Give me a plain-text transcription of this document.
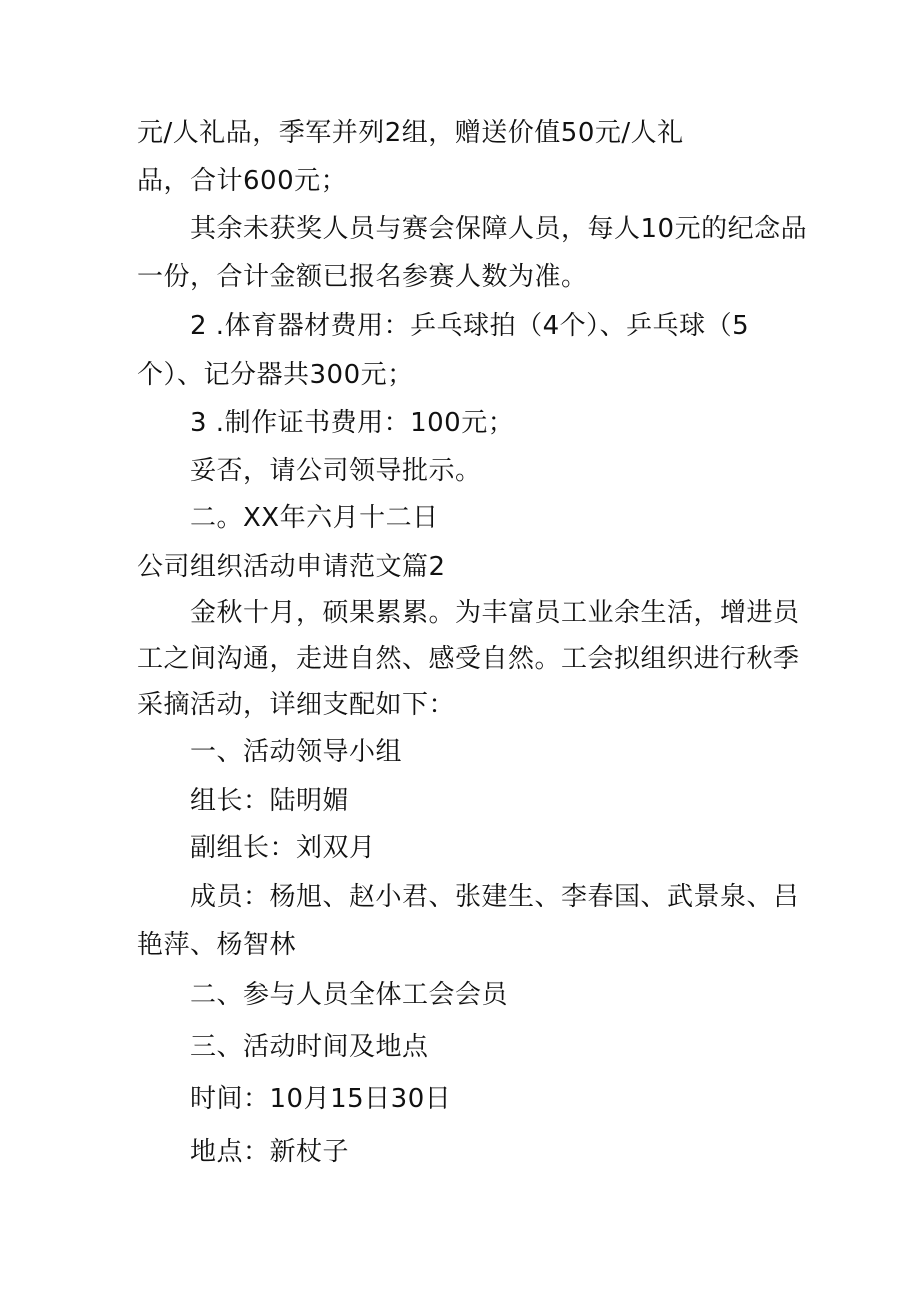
元/人礼品，季军并列2组，赠送价值50元/人礼
品，合计600元；
其余未获奖人员与赛会保障人员，每人10元的纪念品
一份，合计金额已报名参赛人数为准。
2 .体育器材费用：乒乓球拍（4个）、乒乓球（5
个）、记分器共300元；
3 .制作证书费用：100元；
妥否，请公司领导批示。
二。XX年六月十二日
公司组织活动申请范文篇2
金秋十月，硕果累累。为丰富员工业余生活，增进员
工之间沟通，走进自然、感受自然。工会拟组织进行秋季
采摘活动，详细支配如下：
一、活动领导小组
组长：陆明媚
副组长：刘双月
成员：杨旭、赵小君、张建生、李春国、武景泉、吕
艳萍、杨智林
二、参与人员全体工会会员
三、活动时间及地点
时间：10月15日30日
地点：新杖子
